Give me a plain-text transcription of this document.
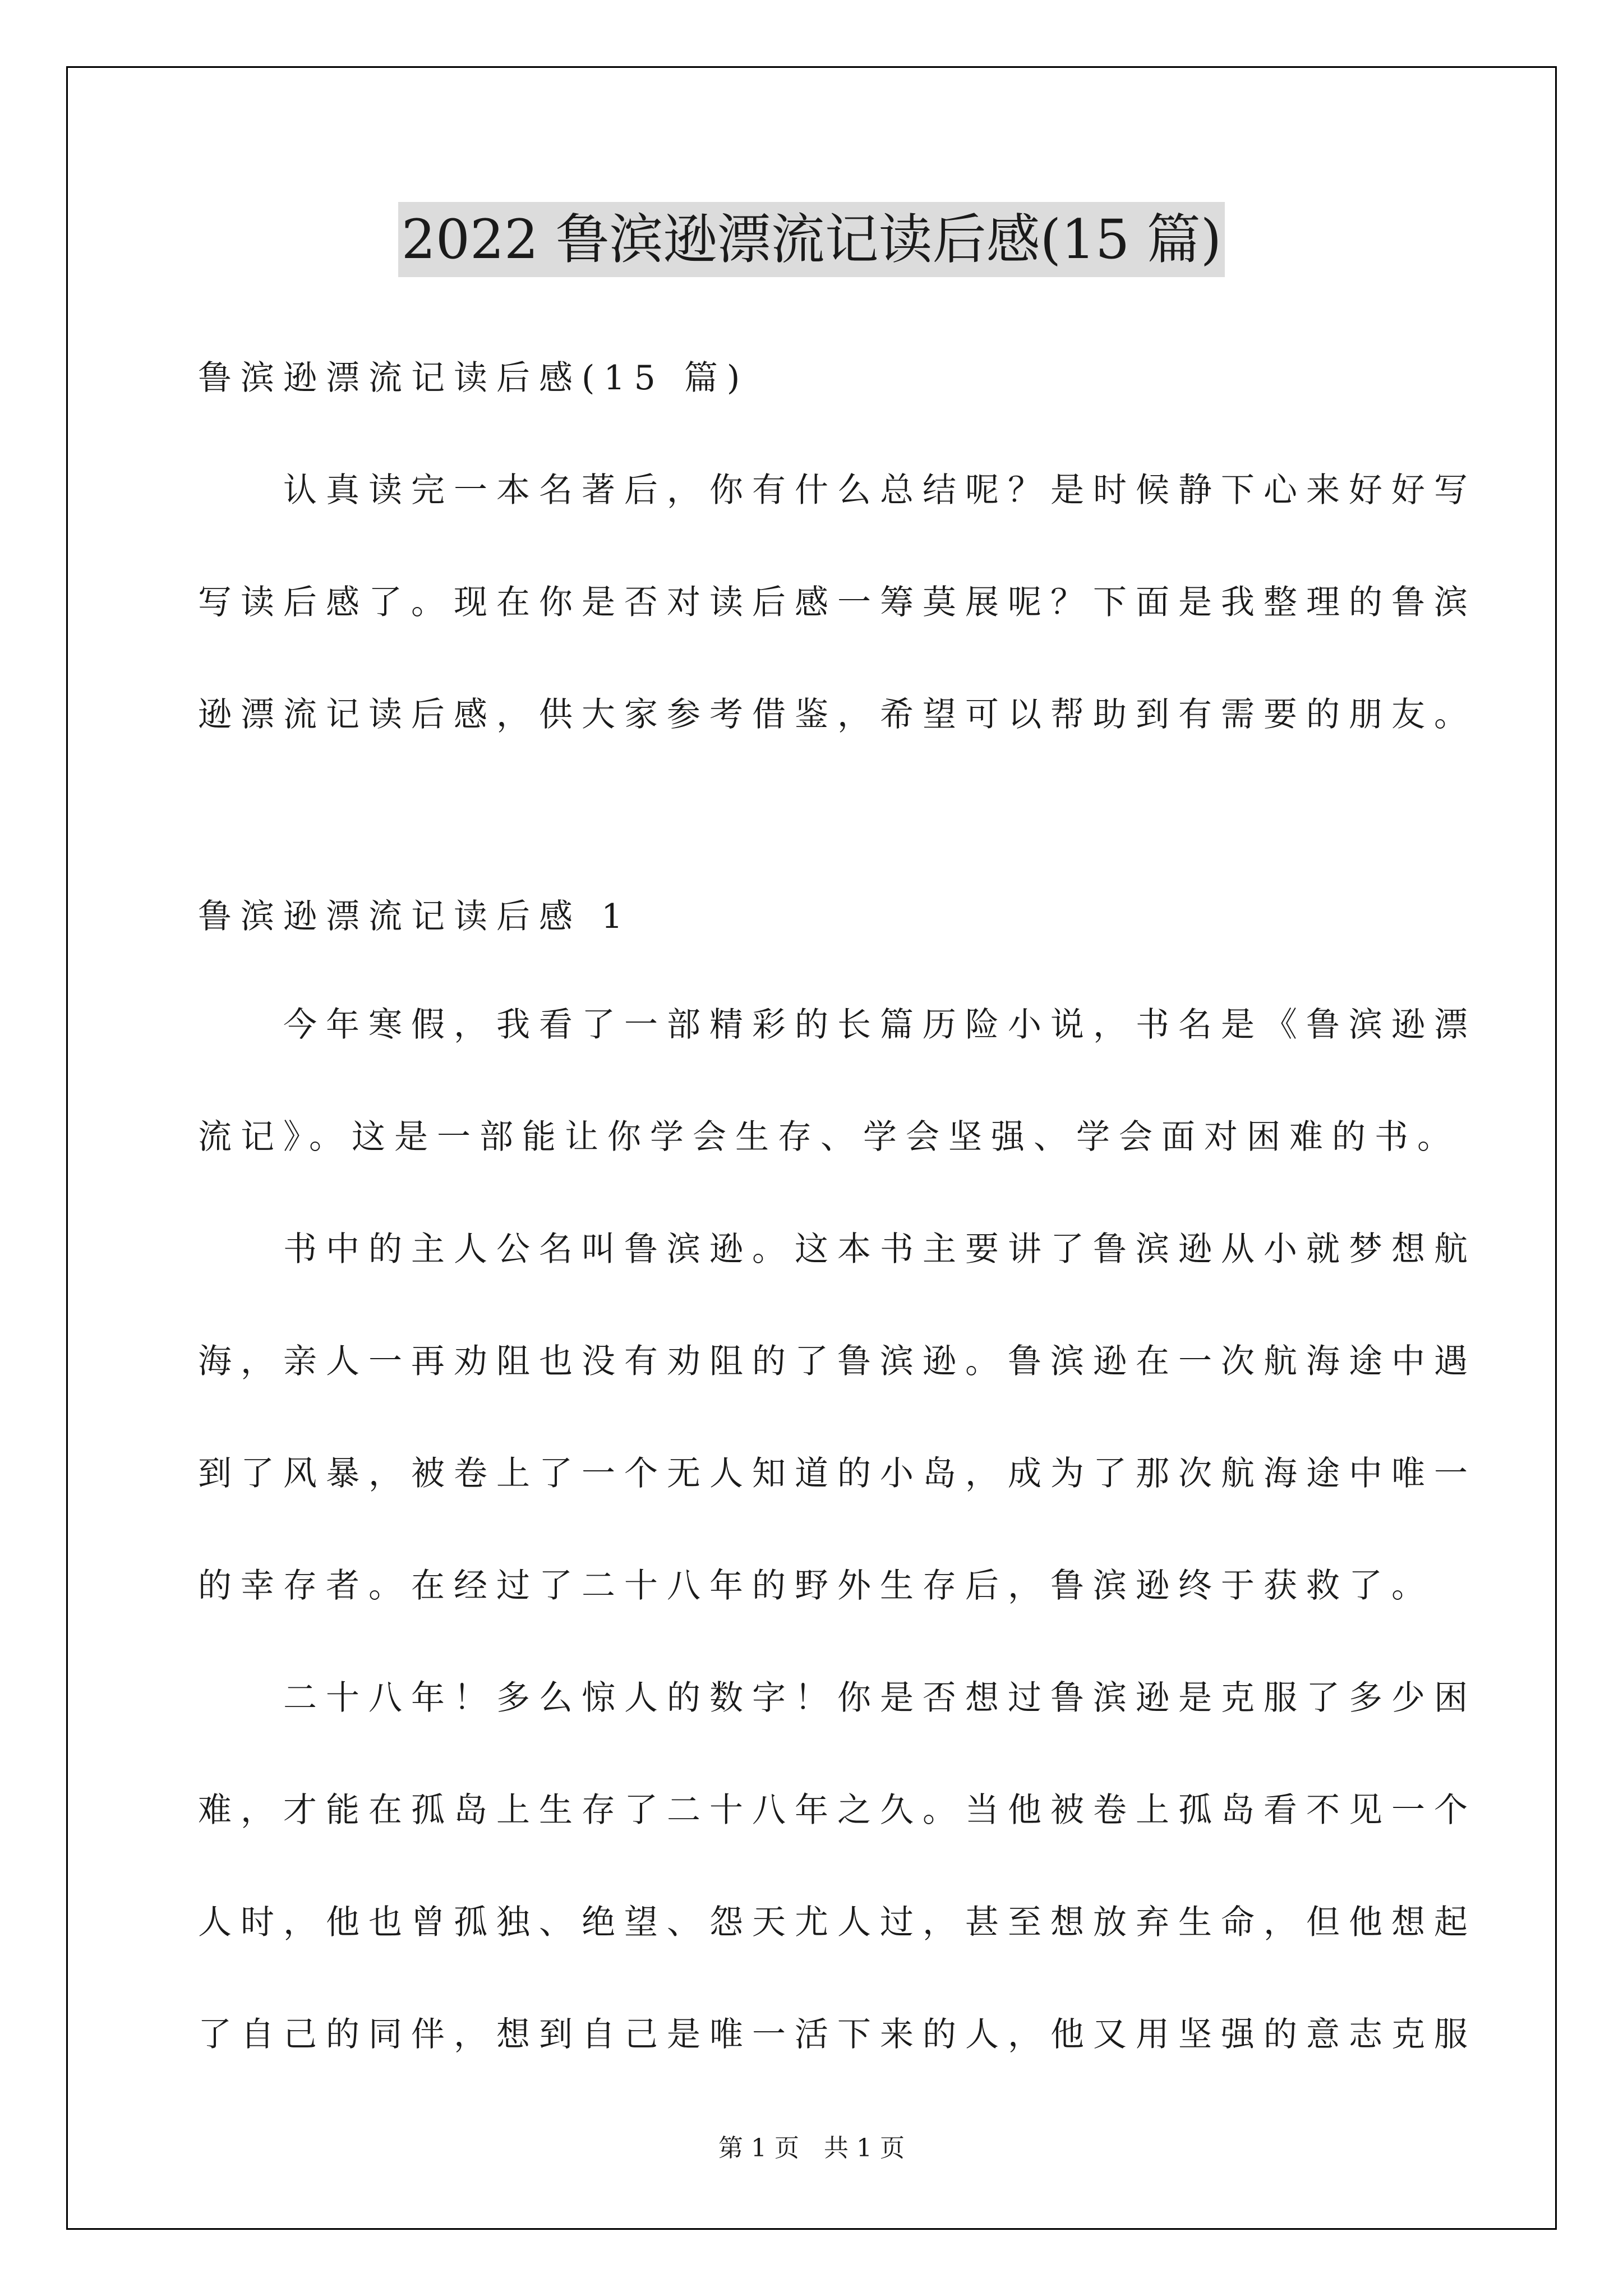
2022 鲁滨逊漂流记读后感(15 篇)

鲁滨逊漂流记读后感(15 篇)

　　认真读完一本名著后，你有什么总结呢？是时候静下心来好好写
写读后感了。现在你是否对读后感一筹莫展呢？下面是我整理的鲁滨
逊漂流记读后感，供大家参考借鉴，希望可以帮助到有需要的朋友。

鲁滨逊漂流记读后感 1

　　今年寒假，我看了一部精彩的长篇历险小说，书名是《鲁滨逊漂
流记》。这是一部能让你学会生存、学会坚强、学会面对困难的书。
　　书中的主人公名叫鲁滨逊。这本书主要讲了鲁滨逊从小就梦想航
海，亲人一再劝阻也没有劝阻的了鲁滨逊。鲁滨逊在一次航海途中遇
到了风暴，被卷上了一个无人知道的小岛，成为了那次航海途中唯一
的幸存者。在经过了二十八年的野外生存后，鲁滨逊终于获救了。
　　二十八年！多么惊人的数字！你是否想过鲁滨逊是克服了多少困
难，才能在孤岛上生存了二十八年之久。当他被卷上孤岛看不见一个
人时，他也曾孤独、绝望、怨天尤人过，甚至想放弃生命，但他想起
了自己的同伴，想到自己是唯一活下来的人，他又用坚强的意志克服
第 1 页　共 1 页
